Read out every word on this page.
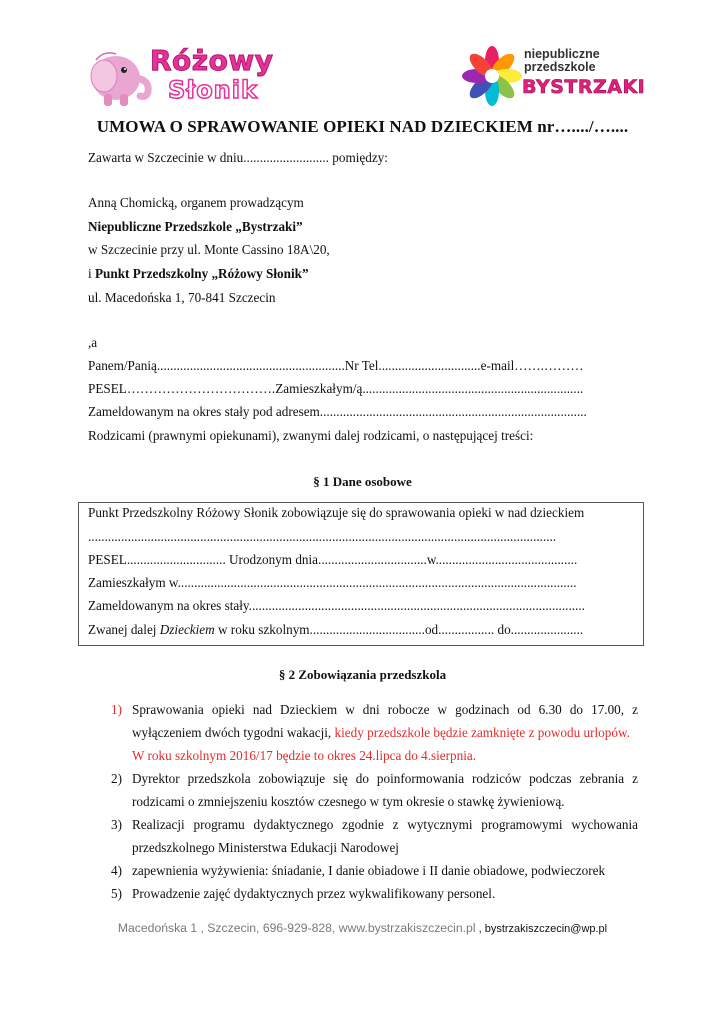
Różowy
Słonik
niepubliczne
przedszkole
BYSTRZAKI
UMOWA O SPRAWOWANIE OPIEKI NAD DZIECKIEM nr…..../…....
Zawarta w Szczecinie w dniu.......................... pomiędzy:
Anną Chomicką, organem prowadzącym
Niepubliczne Przedszkole „Bystrzaki”
w Szczecinie przy ul. Monte Cassino 18A\20,
i Punkt Przedszkolny „Różowy Słonik”
ul. Macedońska 1, 70-841 Szczecin
,a
Panem/Panią.........................................................Nr Tel...............................e-mail…….………
PESEL…………………………….Zamieszkałym/ą...................................................................
Zameldowanym na okres stały pod adresem.................................................................................
Rodzicami (prawnymi opiekunami), zwanymi dalej rodzicami, o następującej treści:
§ 1 Dane osobowe
Punkt Przedszkolny Różowy Słonik zobowiązuje się do sprawowania opieki w nad dzieckiem
..............................................................................................................................................
PESEL.............................. Urodzonym dnia.................................w...........................................
Zamieszkałym w.........................................................................................................................
Zameldowanym na okres stały......................................................................................................
Zwanej dalej Dzieckiem w roku szkolnym...................................od................. do......................
§ 2 Zobowiązania przedszkola
1) Sprawowania opieki nad Dzieckiem w dni robocze w godzinach od 6.30 do 17.00, z
wyłączeniem dwóch tygodni wakacji, kiedy przedszkole będzie zamknięte z powodu urlopów.
W roku szkolnym 2016/17 będzie to okres 24.lipca do 4.sierpnia.
2) Dyrektor przedszkola zobowiązuje się do poinformowania rodziców podczas zebrania z
rodzicami o zmniejszeniu kosztów czesnego w tym okresie o stawkę żywieniową.
3) Realizacji programu dydaktycznego zgodnie z wytycznymi programowymi wychowania
przedszkolnego Ministerstwa Edukacji Narodowej
4) zapewnienia wyżywienia: śniadanie, I danie obiadowe i II danie obiadowe, podwieczorek
5) Prowadzenie zajęć dydaktycznych przez wykwalifikowany personel.
Macedońska 1 , Szczecin, 696-929-828, www.bystrzakiszczecin.pl , bystrzakiszczecin@wp.pl
